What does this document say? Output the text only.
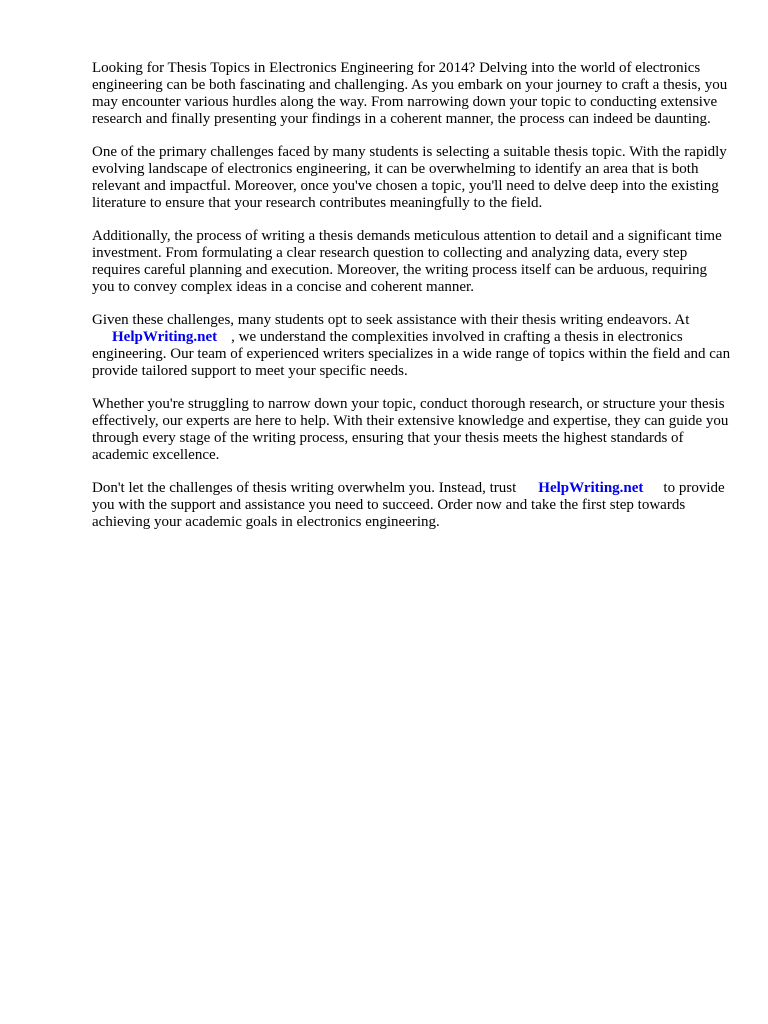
Looking for Thesis Topics in Electronics Engineering for 2014? Delving into the world of electronics engineering can be both fascinating and challenging. As you embark on your journey to craft a thesis, you may encounter various hurdles along the way. From narrowing down your topic to conducting extensive research and finally presenting your findings in a coherent manner, the process can indeed be daunting.

One of the primary challenges faced by many students is selecting a suitable thesis topic. With the rapidly evolving landscape of electronics engineering, it can be overwhelming to identify an area that is both relevant and impactful. Moreover, once you've chosen a topic, you'll need to delve deep into the existing literature to ensure that your research contributes meaningfully to the field.

Additionally, the process of writing a thesis demands meticulous attention to detail and a significant time investment. From formulating a clear research question to collecting and analyzing data, every step requires careful planning and execution. Moreover, the writing process itself can be arduous, requiring you to convey complex ideas in a concise and coherent manner.

Given these challenges, many students opt to seek assistance with their thesis writing endeavors. At
HelpWriting.net , we understand the complexities involved in crafting a thesis in electronics engineering. Our team of experienced writers specializes in a wide range of topics within the field and can provide tailored support to meet your specific needs.

Whether you're struggling to narrow down your topic, conduct thorough research, or structure your thesis effectively, our experts are here to help. With their extensive knowledge and expertise, they can guide you through every stage of the writing process, ensuring that your thesis meets the highest standards of academic excellence.

Don't let the challenges of thesis writing overwhelm you. Instead, trust HelpWriting.net to provide you with the support and assistance you need to succeed. Order now and take the first step towards achieving your academic goals in electronics engineering.
